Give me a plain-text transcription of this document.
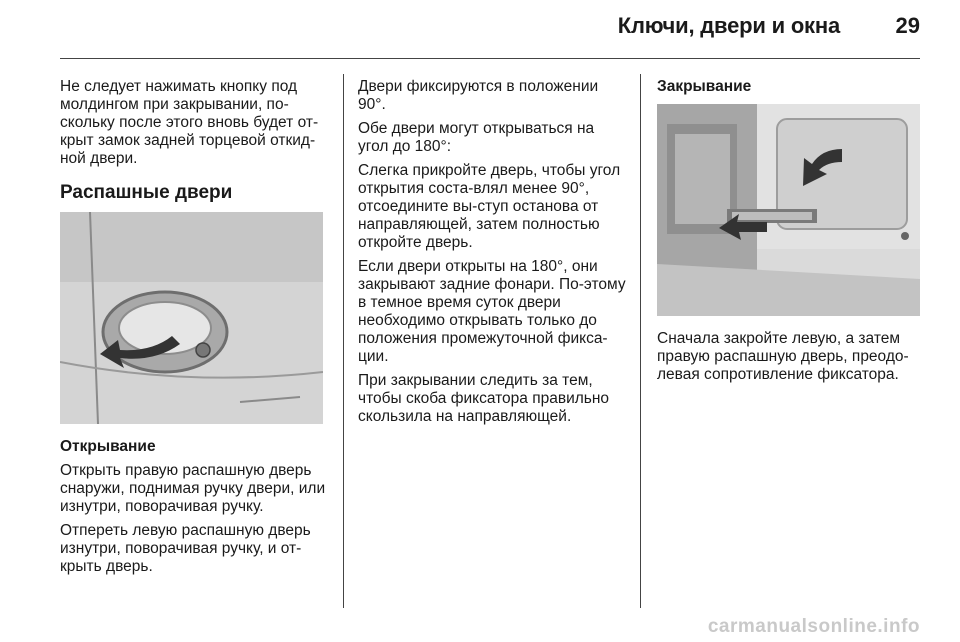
Ключи, двери и окна	29

Не следует нажимать кнопку под молдингом при закрывании, по-скольку после этого вновь будет от-крыт замок задней торцевой откид-ной двери.

Распашные двери

Открывание

Открыть правую распашную дверь снаружи, поднимая ручку двери, или изнутри, поворачивая ручку.

Отпереть левую распашную дверь изнутри, поворачивая ручку, и от-крыть дверь.

Двери фиксируются в положении 90°.

Обе двери могут открываться на угол до 180°:

Слегка прикройте дверь, чтобы угол открытия соста-влял менее 90°, отсоедините вы-ступ останова от направляющей, затем полностью откройте дверь.

Если двери открыты на 180°, они закрывают задние фонари. По-этому в темное время суток двери необходимо открывать только до положения промежуточной фикса-ции.

При закрывании следить за тем, чтобы скоба фиксатора правильно скользила на направляющей.

Закрывание

Сначала закройте левую, а затем правую распашную дверь, преодо-левая сопротивление фиксатора.

carmanualsonline.info
